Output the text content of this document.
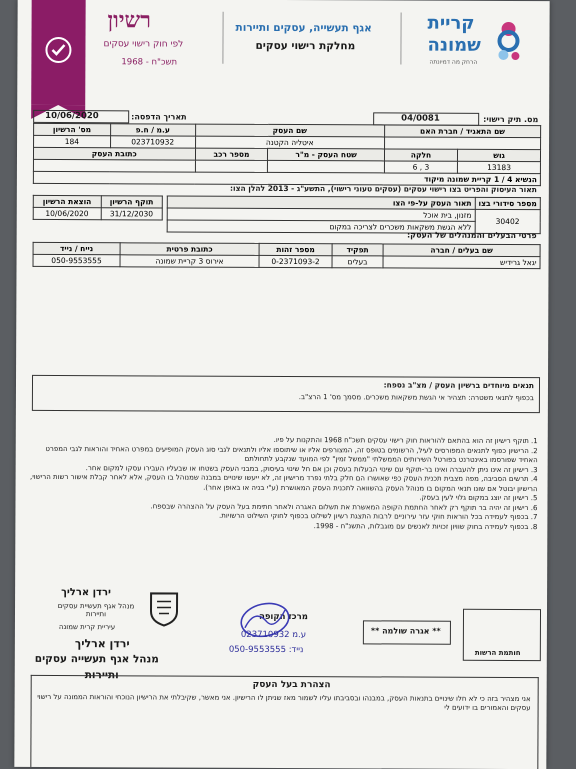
רשיון
לפי חוק רישוי עסקים
תשכ"ח - 1968
אגף תעשייה, עסקים ותיירות
מחלקת רישוי עסקים
קריית
שמונה
הרחק מה דמיונתה
מס. תיק רישוי:
04/0081
תאריך הדפסה:
10/06/2020
שם התאגיד / חברת האם		שם העסק		ע.מ / ח.פ	מס' הרשיון
		איטליה הקטנה		023710932	184
גוש	חלקה	שטח העסק - מ"ר	מספר רכב	כתובת העסק	
13183	3 , 6				
הנשיא 4 / 1 קריית שמונה מיקוד					
תאור העיסוק והפריט בצו רישוי עסקים (עסקים טעוני רישוי), התשע"ג - 2013 להלן הצו:
מספר סידורי בצו	תאור העסק על-פי הצו
30402	מזנון, בית אוכל
	ללא הגשת משקאות משכרים לצריכה במקום
תוקף הרשיון	הוצאת הרשיון
31/12/2030	10/06/2020
פרטי הבעלים והמנהלים של העסק:
שם בעלים / חברה	תפקיד	מספר זהות	כתובת פרטית	נייח / נייד
יגאל גרידיש	בעלים	0-2371093-2	אירוס 3 קריית שמונה	050-9553555
תנאים מיוחדים ברשיון העסק / מצ"ב נספח:
בכפוף לתנאי משטרה: תצהיר אי הגשת משקאות משכרים. מסמך מס' 1 הרצ"ב.
1. תוקף רישיון זה הוא בהתאם להוראות חוק רישוי עסקים תשכ"ח 1968 והתקנות על פיו.
2. הרישיון כפוף לתנאים המפורסים לעיל, הרשומים בטופס זה, המצורפים אליו או שיתוספו אליו ולתנאים לגבי סוג העסק המופיעים במפרט האחיד והוראות לגבי המפרט האחיד שפורסמו באינטרנט בפורטל השירותים הממשלתי "ממשל זמין" לפי המועד שנקבע לתחולתם
3. רישיון זה אינו ניתן להעברה ואינו בר-תוקף עם שינוי הבעלות בעסק וכן אם חל שינוי בעיסוק, במבני העסק בשטחו או שבעליו העבירו עסקו למקום אחר.
4. תרשים הסביבה, מפה מצבית תכנית העסק כפי שאושרו הם חלק בלתי נפרד מרישיון זה, לא ייעשו שינויים במבנה שמנוהל בו העסק, אלא לאחר קבלת אישור רשות הרישוי, הרישיון יבוטל אם שונו תנאי המקום בו מנוהל העסק בהשוואה לתכנית העסק המאושרת (ע"י בניה או באופן אחר).
5. רישיון זה יוצג במקום גלוי לעין בעסק.
6. רישיון זה יהיה בר תוקף רק לאחר החתמת הקופה המאשרת את תשלום האגרה ולאחר חתימת בעל העסק על ההצהרה שבספח.
7. בכפוף לעמידה בכל הוראות חוקי עזר עירוניים לרבות התצגת רשיון לשילוט בכפוף לחוקי השילוט הרשויות.
8. בכפוף לעמידה בחוק שוויון זכויות לאנשים עם מוגבלות, התשנ"ח - 1998.
ירדן ארליך
מנהל אגף תעשיית עסקים ותיירות
עיריית קרית שמונה
ירדן ארליך
מנהל אגף תעשייה עסקים
ותיירות
מרכז הקופה
ע.מ 023710932
נייד: 050-9553555
** אגרה שולמה **
חותמת הרשות
הצהרת בעל העסק
אני מצהיר בזה כי לא חלו שינויים בתנאות העסק, במבנהו ובסביבתו עליו לשמור מאז שניתן לו הרישיון. אני מאשר, שקיבלתי את הרישיון הנוכחי והוראות הממונה על רישוי עסקים והאמורים בו ידועים לי
